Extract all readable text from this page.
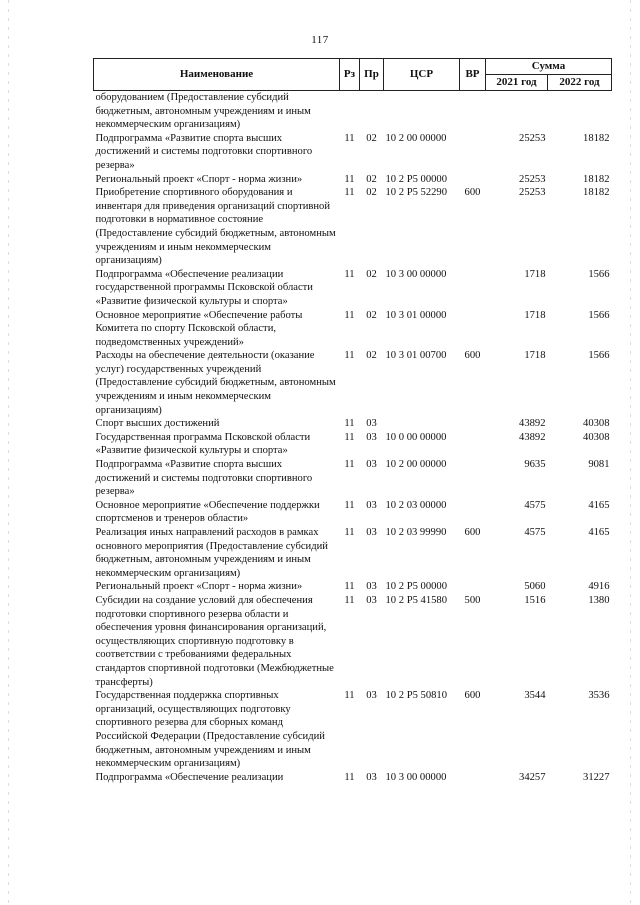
117
Наименование	Рз	Пр	ЦСР	ВР	Сумма	
					2021 год	2022 год
оборудованием (Предоставление субсидий бюджетным, автономным учреждениям и иным некоммерческим организациям)						
Подпрограмма «Развитие спорта высших достижений и системы подготовки спортивного резерва»	11	02	10 2 00 00000		25253	18182
Региональный проект «Спорт - норма жизни»	11	02	10 2 P5 00000		25253	18182
Приобретение спортивного оборудования и инвентаря для приведения организаций спортивной подготовки в нормативное состояние (Предоставление субсидий бюджетным, автономным учреждениям и иным некоммерческим организациям)	11	02	10 2 P5 52290	600	25253	18182
Подпрограмма «Обеспечение реализации государственной программы Псковской области «Развитие физической культуры и спорта»	11	02	10 3 00 00000		1718	1566
Основное мероприятие «Обеспечение работы Комитета по спорту Псковской области, подведомственных учреждений»	11	02	10 3 01 00000		1718	1566
Расходы на обеспечение деятельности (оказание услуг) государственных учреждений (Предоставление субсидий бюджетным, автономным учреждениям и иным некоммерческим организациям)	11	02	10 3 01 00700	600	1718	1566
Спорт высших достижений	11	03			43892	40308
Государственная программа Псковской области «Развитие физической культуры и спорта»	11	03	10 0 00 00000		43892	40308
Подпрограмма «Развитие спорта высших достижений и системы подготовки спортивного резерва»	11	03	10 2 00 00000		9635	9081
Основное мероприятие «Обеспечение поддержки спортсменов и тренеров области»	11	03	10 2 03 00000		4575	4165
Реализация иных направлений расходов в рамках основного мероприятия (Предоставление субсидий бюджетным, автономным учреждениям и иным некоммерческим организациям)	11	03	10 2 03 99990	600	4575	4165
Региональный проект «Спорт - норма жизни»	11	03	10 2 P5 00000		5060	4916
Субсидии на создание условий для обеспечения подготовки спортивного резерва области и обеспечения уровня финансирования организаций, осуществляющих спортивную подготовку в соответствии с требованиями федеральных стандартов спортивной подготовки (Межбюджетные трансферты)	11	03	10 2 P5 41580	500	1516	1380
Государственная поддержка спортивных организаций, осуществляющих подготовку спортивного резерва для сборных команд Российской Федерации (Предоставление субсидий бюджетным, автономным учреждениям и иным некоммерческим организациям)	11	03	10 2 P5 50810	600	3544	3536
Подпрограмма «Обеспечение реализации	11	03	10 3 00 00000		34257	31227
